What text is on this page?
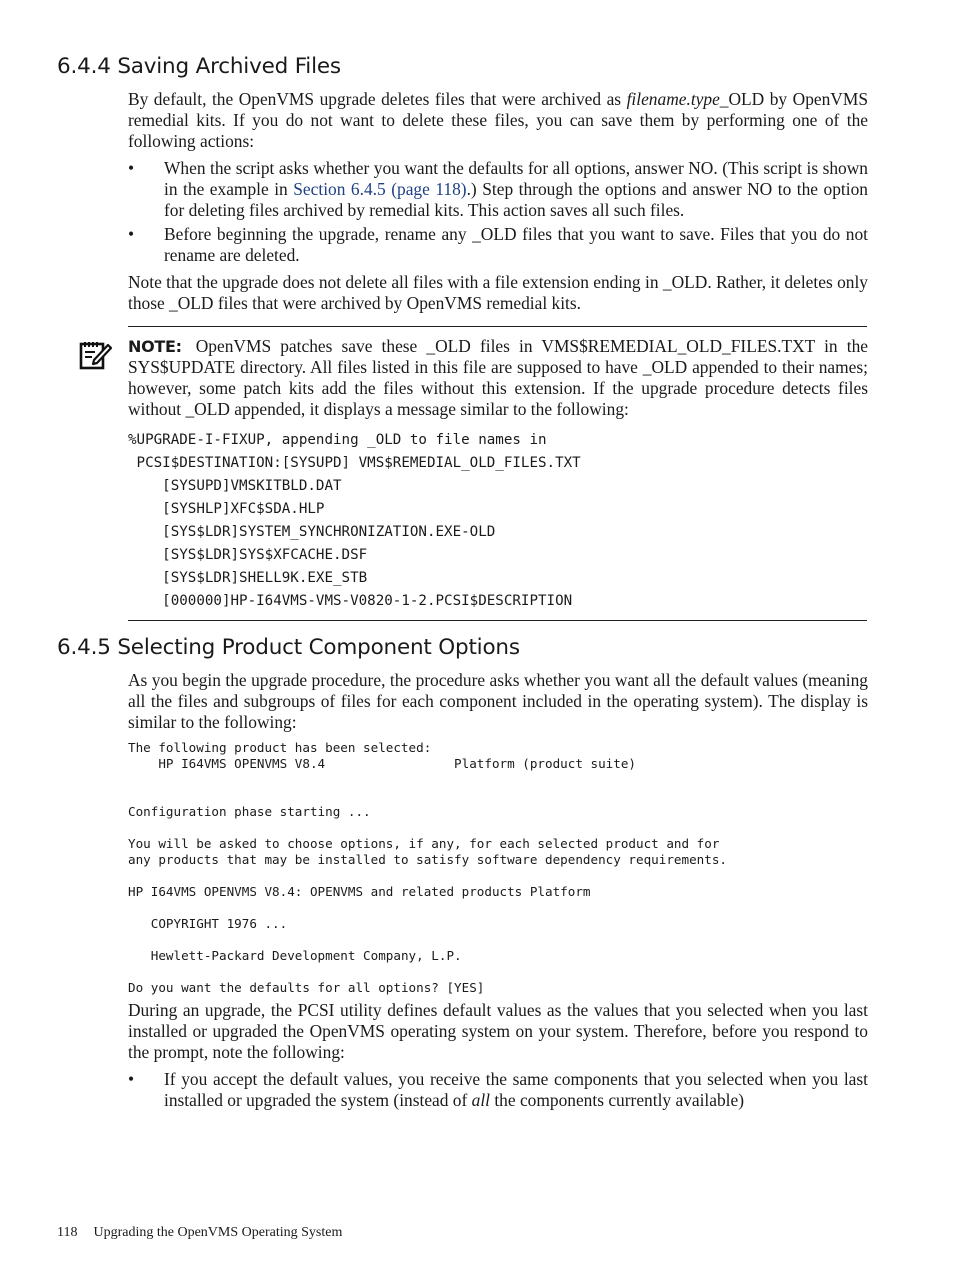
6.4.4 Saving Archived Files

By default, the OpenVMS upgrade deletes files that were archived as filename.type_OLD by OpenVMS remedial kits. If you do not want to delete these files, you can save them by performing one of the following actions:

• When the script asks whether you want the defaults for all options, answer NO. (This script is shown in the example in Section 6.4.5 (page 118).) Step through the options and answer NO to the option for deleting files archived by remedial kits. This action saves all such files.
• Before beginning the upgrade, rename any _OLD files that you want to save. Files that you do not rename are deleted.

Note that the upgrade does not delete all files with a file extension ending in _OLD. Rather, it deletes only those _OLD files that were archived by OpenVMS remedial kits.

NOTE: OpenVMS patches save these _OLD files in VMS$REMEDIAL_OLD_FILES.TXT in the SYS$UPDATE directory. All files listed in this file are supposed to have _OLD appended to their names; however, some patch kits add the files without this extension. If the upgrade procedure detects files without _OLD appended, it displays a message similar to the following:

%UPGRADE-I-FIXUP, appending _OLD to file names in
PCSI$DESTINATION:[SYSUPD] VMS$REMEDIAL_OLD_FILES.TXT
[SYSUPD]VMSKITBLD.DAT
[SYSHLP]XFC$SDA.HLP
[SYS$LDR]SYSTEM_SYNCHRONIZATION.EXE-OLD
[SYS$LDR]SYS$XFCACHE.DSF
[SYS$LDR]SHELL9K.EXE_STB
[000000]HP-I64VMS-VMS-V0820-1-2.PCSI$DESCRIPTION
6.4.5 Selecting Product Component Options

As you begin the upgrade procedure, the procedure asks whether you want all the default values (meaning all the files and subgroups of files for each component included in the operating system). The display is similar to the following:

The following product has been selected:
HP I64VMS OPENVMS V8.4                 Platform (product suite)

Configuration phase starting ...

You will be asked to choose options, if any, for each selected product and for
any products that may be installed to satisfy software dependency requirements.

HP I64VMS OPENVMS V8.4: OPENVMS and related products Platform

COPYRIGHT 1976 ...

Hewlett-Packard Development Company, L.P.

Do you want the defaults for all options? [YES]

During an upgrade, the PCSI utility defines default values as the values that you selected when you last installed or upgraded the OpenVMS operating system on your system. Therefore, before you respond to the prompt, note the following:

• If you accept the default values, you receive the same components that you selected when you last installed or upgraded the system (instead of all the components currently available)
118 Upgrading the OpenVMS Operating System
